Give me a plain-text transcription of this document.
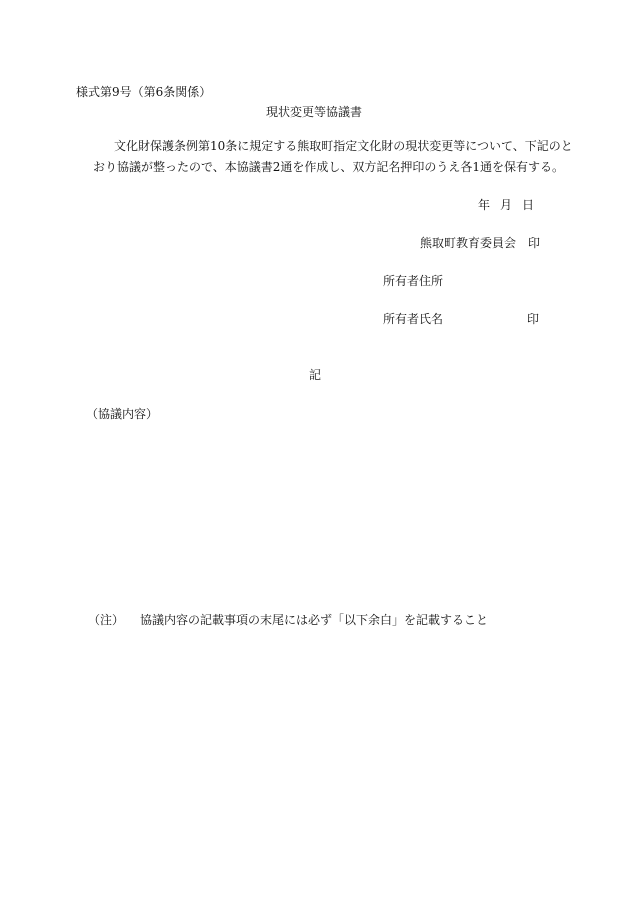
様式第9号（第6条関係）
現状変更等協議書
文化財保護条例第10条に規定する熊取町指定文化財の現状変更等について、下記のと
おり協議が整ったので、本協議書2通を作成し、双方記名押印のうえ各1通を保有する。
年 月 日
熊取町教育委員会　印
所有者住所
所有者氏名	印
記
（協議内容）
（注） 協議内容の記載事項の末尾には必ず「以下余白」を記載すること
